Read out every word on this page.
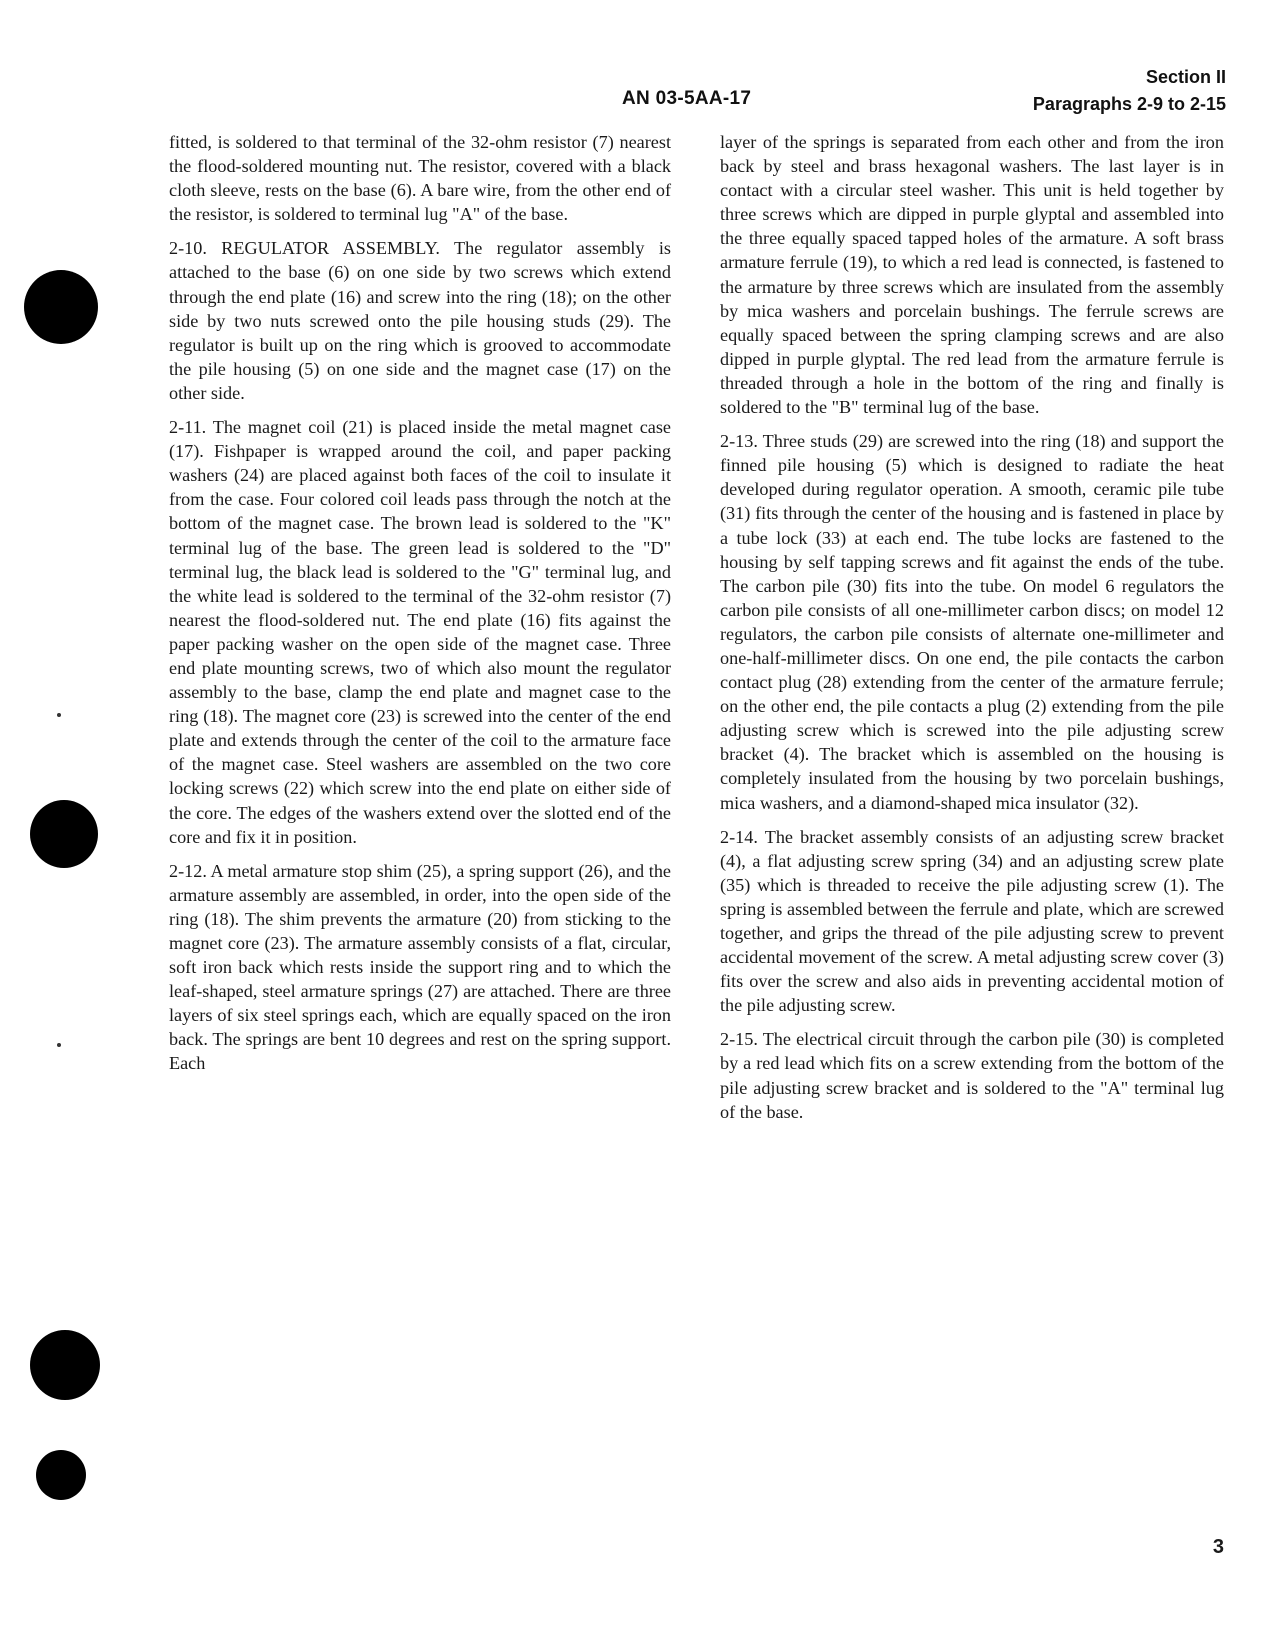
AN 03-5AA-17
Section II
Paragraphs 2-9 to 2-15

fitted, is soldered to that terminal of the 32-ohm resistor (7) nearest the flood-soldered mounting nut. The resistor, covered with a black cloth sleeve, rests on the base (6). A bare wire, from the other end of the resistor, is soldered to terminal lug "A" of the base.

2-10. REGULATOR ASSEMBLY. The regulator assembly is attached to the base (6) on one side by two screws which extend through the end plate (16) and screw into the ring (18); on the other side by two nuts screwed onto the pile housing studs (29). The regulator is built up on the ring which is grooved to accommodate the pile housing (5) on one side and the magnet case (17) on the other side.

2-11. The magnet coil (21) is placed inside the metal magnet case (17). Fishpaper is wrapped around the coil, and paper packing washers (24) are placed against both faces of the coil to insulate it from the case. Four colored coil leads pass through the notch at the bottom of the magnet case. The brown lead is soldered to the "K" terminal lug of the base. The green lead is soldered to the "D" terminal lug, the black lead is soldered to the "G" terminal lug, and the white lead is soldered to the terminal of the 32-ohm resistor (7) nearest the flood-soldered nut. The end plate (16) fits against the paper packing washer on the open side of the magnet case. Three end plate mounting screws, two of which also mount the regulator assembly to the base, clamp the end plate and magnet case to the ring (18). The magnet core (23) is screwed into the center of the end plate and extends through the center of the coil to the armature face of the magnet case. Steel washers are assembled on the two core locking screws (22) which screw into the end plate on either side of the core. The edges of the washers extend over the slotted end of the core and fix it in position.

2-12. A metal armature stop shim (25), a spring support (26), and the armature assembly are assembled, in order, into the open side of the ring (18). The shim prevents the armature (20) from sticking to the magnet core (23). The armature assembly consists of a flat, circular, soft iron back which rests inside the support ring and to which the leaf-shaped, steel armature springs (27) are attached. There are three layers of six steel springs each, which are equally spaced on the iron back. The springs are bent 10 degrees and rest on the spring support. Each

layer of the springs is separated from each other and from the iron back by steel and brass hexagonal washers. The last layer is in contact with a circular steel washer. This unit is held together by three screws which are dipped in purple glyptal and assembled into the three equally spaced tapped holes of the armature. A soft brass armature ferrule (19), to which a red lead is connected, is fastened to the armature by three screws which are insulated from the assembly by mica washers and porcelain bushings. The ferrule screws are equally spaced between the spring clamping screws and are also dipped in purple glyptal. The red lead from the armature ferrule is threaded through a hole in the bottom of the ring and finally is soldered to the "B" terminal lug of the base.

2-13. Three studs (29) are screwed into the ring (18) and support the finned pile housing (5) which is designed to radiate the heat developed during regulator operation. A smooth, ceramic pile tube (31) fits through the center of the housing and is fastened in place by a tube lock (33) at each end. The tube locks are fastened to the housing by self tapping screws and fit against the ends of the tube. The carbon pile (30) fits into the tube. On model 6 regulators the carbon pile consists of all one-millimeter carbon discs; on model 12 regulators, the carbon pile consists of alternate one-millimeter and one-half-millimeter discs. On one end, the pile contacts the carbon contact plug (28) extending from the center of the armature ferrule; on the other end, the pile contacts a plug (2) extending from the pile adjusting screw which is screwed into the pile adjusting screw bracket (4). The bracket which is assembled on the housing is completely insulated from the housing by two porcelain bushings, mica washers, and a diamond-shaped mica insulator (32).

2-14. The bracket assembly consists of an adjusting screw bracket (4), a flat adjusting screw spring (34) and an adjusting screw plate (35) which is threaded to receive the pile adjusting screw (1). The spring is assembled between the ferrule and plate, which are screwed together, and grips the thread of the pile adjusting screw to prevent accidental movement of the screw. A metal adjusting screw cover (3) fits over the screw and also aids in preventing accidental motion of the pile adjusting screw.

2-15. The electrical circuit through the carbon pile (30) is completed by a red lead which fits on a screw extending from the bottom of the pile adjusting screw bracket and is soldered to the "A" terminal lug of the base.

3
